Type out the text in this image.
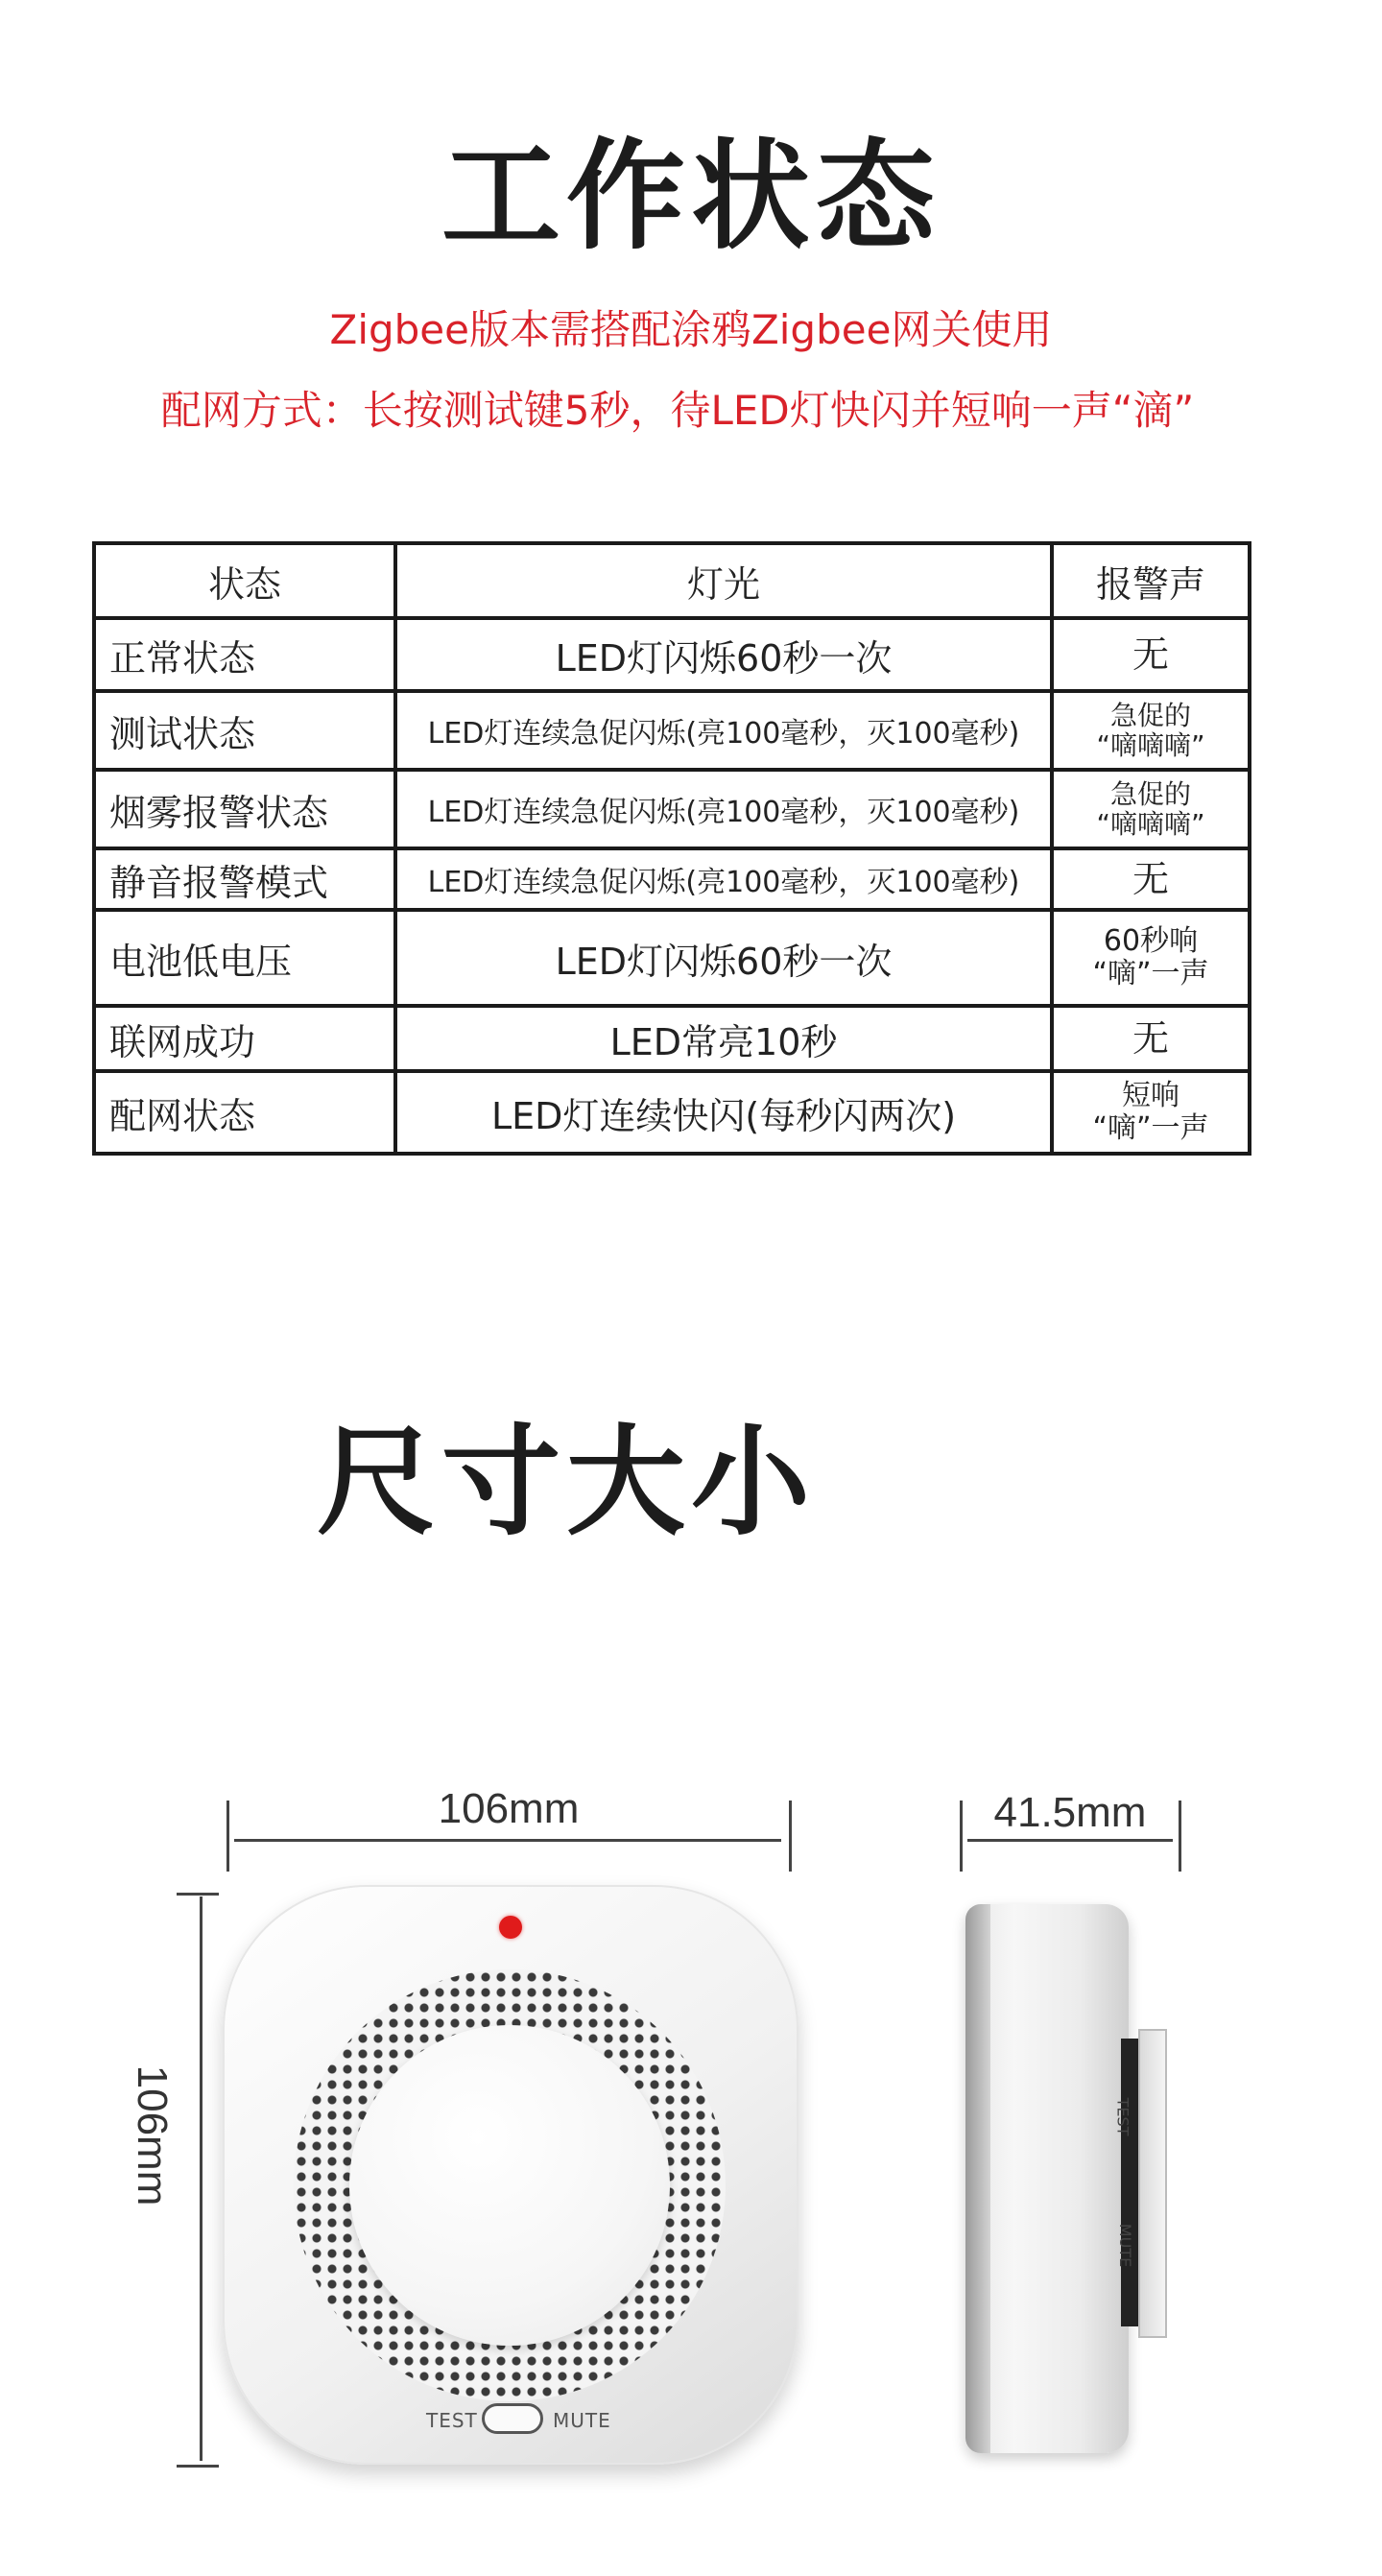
工作状态
Zigbee版本需搭配涂鸦Zigbee网关使用
配网方式：长按测试键5秒，待LED灯快闪并短响一声“滴”
状态	灯光	报警声
正常状态	LED灯闪烁60秒一次	无
测试状态	LED灯连续急促闪烁(亮100毫秒，灭100毫秒)	急促的
“嘀嘀嘀”

烟雾报警状态	LED灯连续急促闪烁(亮100毫秒，灭100毫秒)	急促的
“嘀嘀嘀”

静音报警模式	LED灯连续急促闪烁(亮100毫秒，灭100毫秒)	无
电池低电压	LED灯闪烁60秒一次	60秒响
“嘀”一声

联网成功	LED常亮10秒	无
配网状态	LED灯连续快闪(每秒闪两次)	短响
“嘀”一声
尺寸大小
106mm
106mm
41.5mm
TEST	MUTE
TEST
MUTE
